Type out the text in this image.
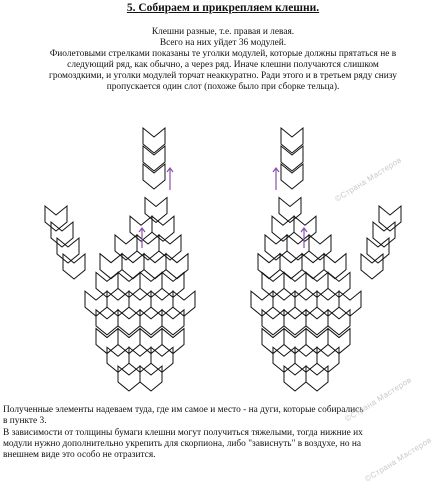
5. Собираем и прикрепляем клешни.
Клешни разные, т.е. правая и левая.
Всего на них уйдет 36 модулей.
Фиолетовыми стрелками показаны те уголки модулей, которые должны прятаться не в
следующий ряд, как обычно, а через ряд. Иначе клешни получаются слишком
громоздкими, и уголки модулей торчат неаккуратно. Ради этого и в третьем ряду снизу
пропускается один слот (похоже было при сборке тельца).
Полученные элементы надеваем туда, где им самое и место - на дуги, которые собирались
в пункте 3.
В зависимости от толщины бумаги клешни могут получиться тяжелыми, тогда нижние их
модули нужно дополнительно укрепить для скорпиона, либо "зависнуть" в воздухе, но на
внешнем виде это особо не отразится.
©Страна Мастеров
©Страна Мастеров
©Страна Мастеров
